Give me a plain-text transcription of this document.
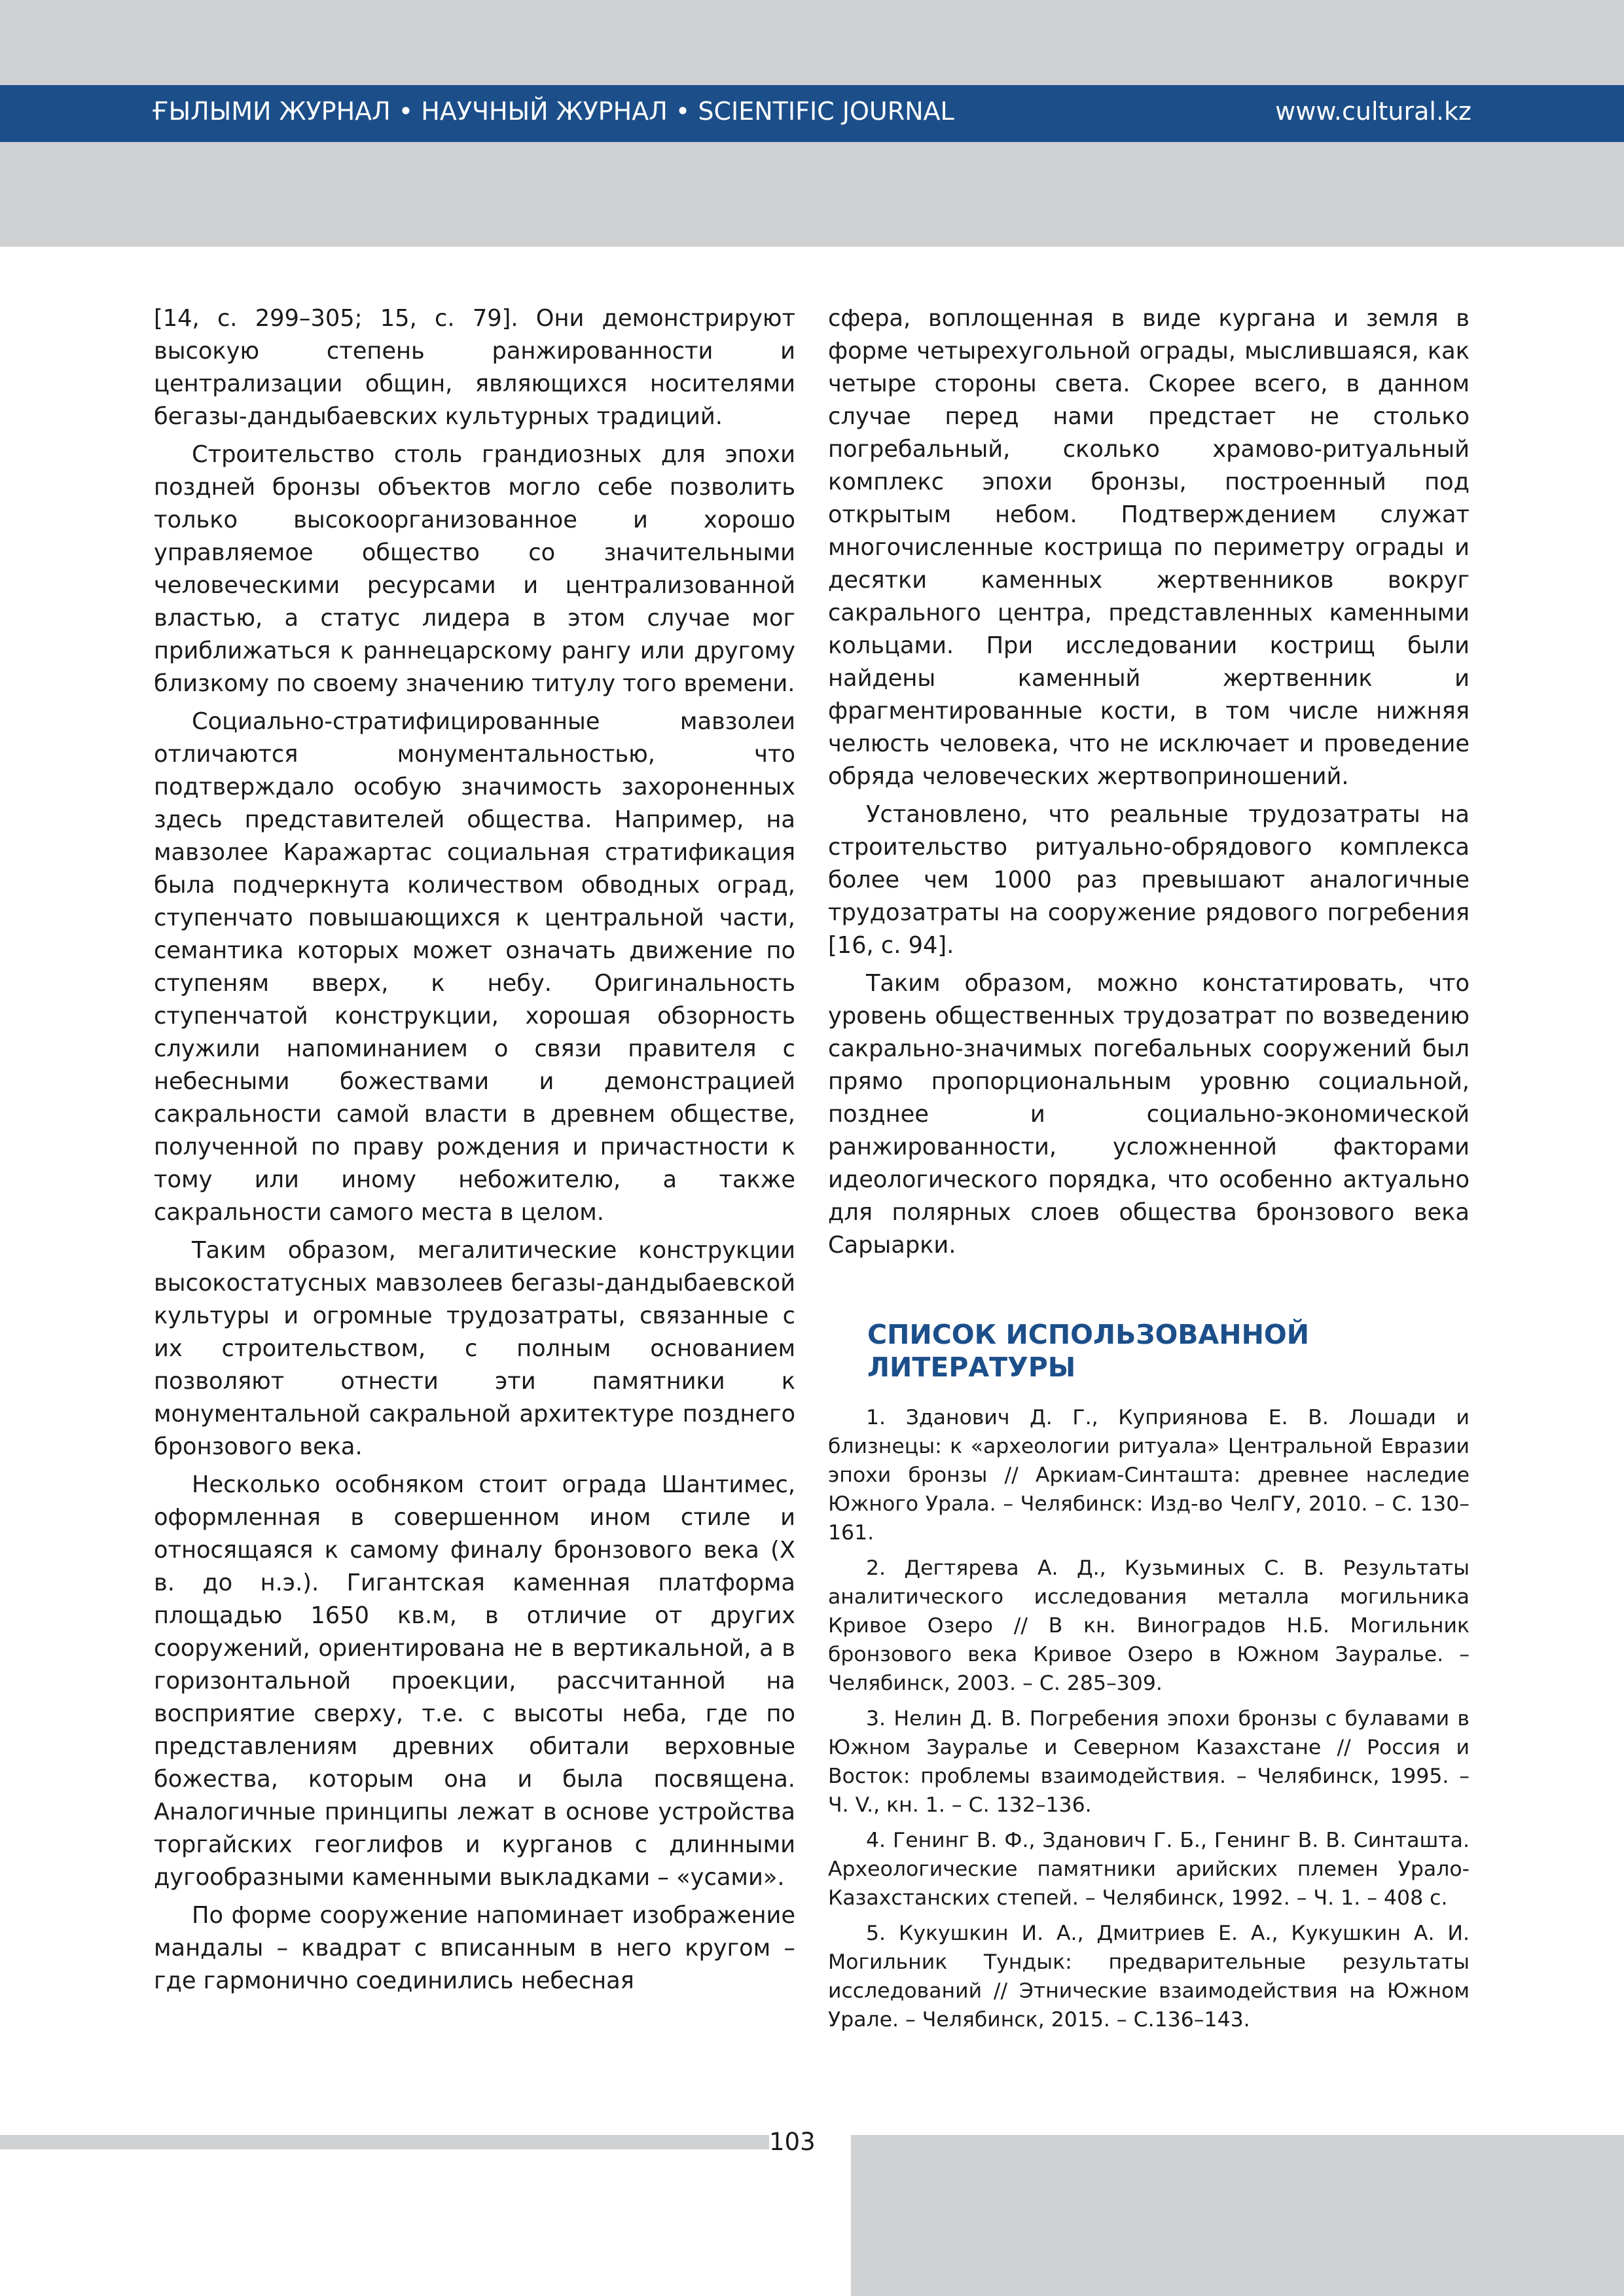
ҒЫЛЫМИ ЖУРНАЛ • НАУЧНЫЙ ЖУРНАЛ • SCIENTIFIC JOURNAL	www.cultural.kz

[14, с. 299–305; 15, с. 79]. Они демонстрируют высокую степень ранжированности и централизации общин, являющихся носителями бегазы-дандыбаевских культурных традиций.

Строительство столь грандиозных для эпохи поздней бронзы объектов могло себе позволить только высокоорганизованное и хорошо управляемое общество со значительными человеческими ресурсами и централизованной властью, а статус лидера в этом случае мог приближаться к раннецарскому рангу или другому близкому по своему значению титулу того времени.

Социально-стратифицированные мавзолеи отличаются монументальностью, что подтверждало особую значимость захороненных здесь представителей общества. Например, на мавзолее Каражартас социальная стратификация была подчеркнута количеством обводных оград, ступенчато повышающихся к центральной части, семантика которых может означать движение по ступеням вверх, к небу. Оригинальность ступенчатой конструкции, хорошая обзорность служили напоминанием о связи правителя с небесными божествами и демонстрацией сакральности самой власти в древнем обществе, полученной по праву рождения и причастности к тому или иному небожителю, а также сакральности самого места в целом.

Таким образом, мегалитические конструкции высокостатусных мавзолеев бегазы-дандыбаевской культуры и огромные трудозатраты, связанные с их строительством, с полным основанием позволяют отнести эти памятники к монументальной сакральной архитектуре позднего бронзового века.

Несколько особняком стоит ограда Шантимес, оформленная в совершенном ином стиле и относящаяся к самому финалу бронзового века (X в. до н.э.). Гигантская каменная платформа площадью 1650 кв.м, в отличие от других сооружений, ориентирована не в вертикальной, а в горизонтальной проекции, рассчитанной на восприятие сверху, т.е. с высоты неба, где по представлениям древних обитали верховные божества, которым она и была посвящена. Аналогичные принципы лежат в основе устройства торгайских геоглифов и курганов с длинными дугообразными каменными выкладками – «усами».

По форме сооружение напоминает изображение мандалы – квадрат с вписанным в него кругом – где гармонично соединились небесная

сфера, воплощенная в виде кургана и земля в форме четырехугольной ограды, мыслившаяся, как четыре стороны света. Скорее всего, в данном случае перед нами предстает не столько погребальный, сколько храмово-ритуальный комплекс эпохи бронзы, построенный под открытым небом. Подтверждением служат многочисленные кострища по периметру ограды и десятки каменных жертвенников вокруг сакрального центра, представленных каменными кольцами. При исследовании кострищ были найдены каменный жертвенник и фрагментированные кости, в том числе нижняя челюсть человека, что не исключает и проведение обряда человеческих жертвоприношений.

Установлено, что реальные трудозатраты на строительство ритуально-обрядового комплекса более чем 1000 раз превышают аналогичные трудозатраты на сооружение рядового погребения [16, с. 94].

Таким образом, можно констатировать, что уровень общественных трудозатрат по возведению сакрально-значимых погебальных сооружений был прямо пропорциональным уровню социальной, позднее и социально-экономической ранжированности, усложненной факторами идеологического порядка, что особенно актуально для полярных слоев общества бронзового века Сарыарки.

СПИСОК ИСПОЛЬЗОВАННОЙ ЛИТЕРАТУРЫ
1. Зданович Д. Г., Куприянова Е. В. Лошади и близнецы: к «археологии ритуала» Центральной Евразии эпохи бронзы // Аркиам-Синташта: древнее наследие Южного Урала. – Челябинск: Изд-во ЧелГУ, 2010. – С. 130–161.
2. Дегтярева А. Д., Кузьминых С. В. Результаты аналитического исследования металла могильника Кривое Озеро // В кн. Виноградов Н.Б. Могильник бронзового века Кривое Озеро в Южном Зауралье. – Челябинск, 2003. – С. 285–309.
3. Нелин Д. В. Погребения эпохи бронзы с булавами в Южном Зауралье и Северном Казахстане // Россия и Восток: проблемы взаимодействия. – Челябинск, 1995. – Ч. V., кн. 1. – С. 132–136.
4. Генинг В. Ф., Зданович Г. Б., Генинг В. В. Синташта. Археологические памятники арийских племен Урало-Казахстанских степей. – Челябинск, 1992. – Ч. 1. – 408 с.
5. Кукушкин И. А., Дмитриев Е. А., Кукушкин А. И. Могильник Тундык: предварительные результаты исследований // Этнические взаимодействия на Южном Урале. – Челябинск, 2015. – С.136–143.
103
